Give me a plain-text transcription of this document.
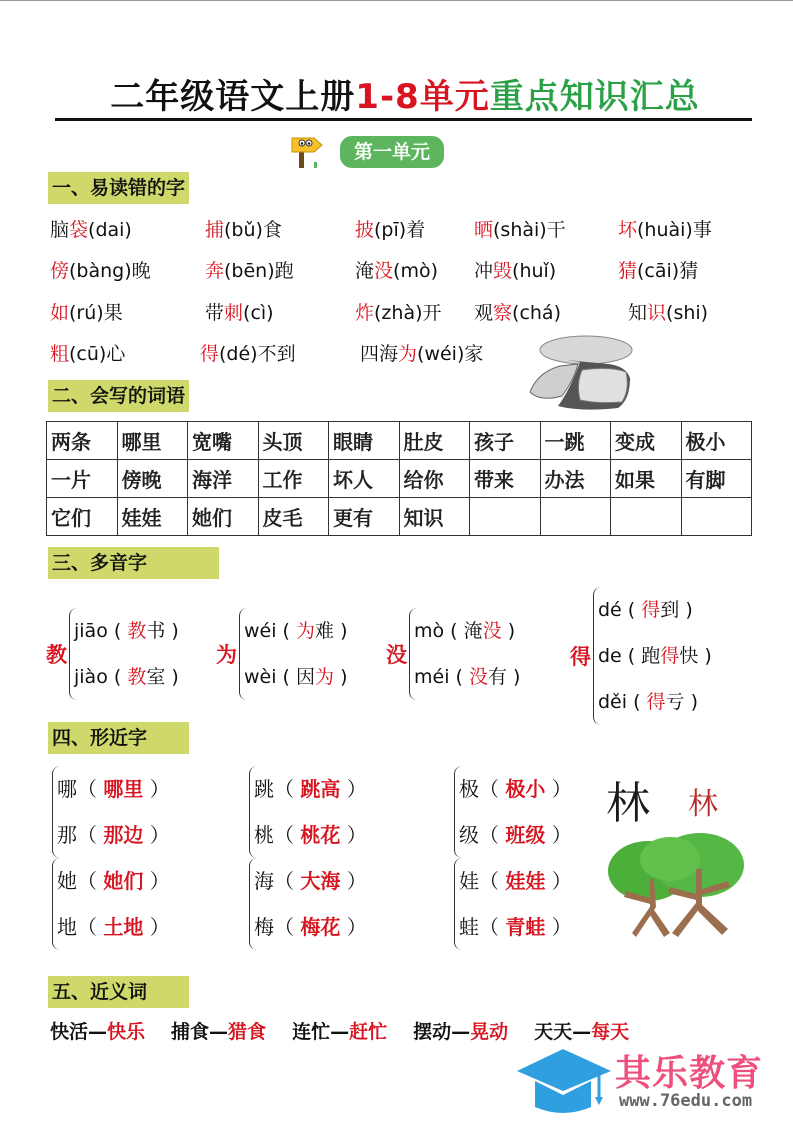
二年级语文上册1-8单元重点知识汇总
第一单元
一、易读错的字
脑袋(dai)	捕(bǔ)食	披(pī)着	晒(shài)干	坏(huài)事
傍(bàng)晚	奔(bēn)跑	淹没(mò) 冲毁(huǐ)	猜(cāi)猜
如(rú)果	带刺(cì)	炸(zhà)开 观察(chá)	知识(shi)
粗(cū)心	得(dé)不到	四海为(wéi)家
二、会写的词语
两条	哪里	宽嘴	头顶	眼睛	肚皮	孩子	一跳	变成	极小
一片	傍晚	海洋	工作	坏人	给你	带来	办法	如果	有脚
它们	娃娃	她们	皮毛	更有	知识				
三、多音字
教
jiāo ( 教书 )
jiào ( 教室 )
为
wéi ( 为难 )
wèi ( 因为 )
没
mò ( 淹没 )
méi ( 没有 )
得
dé ( 得到 )
de ( 跑得快 )
děi ( 得亏 )
四、形近字
哪（ 哪里 ）
那（ 那边 ）
跳（ 跳高 ）
桃（ 桃花 ）
极（ 极小 ）
级（ 班级 ）
她（ 她们 ）
地（ 土地 ）
海（ 大海 ）
梅（ 梅花 ）
娃（ 娃娃 ）
蛙（ 青蛙 ）
林 林
五、近义词
快活—快乐 捕食—猎食 连忙—赶忙 摆动—晃动 天天—每天
其乐教育
www.76edu.com
